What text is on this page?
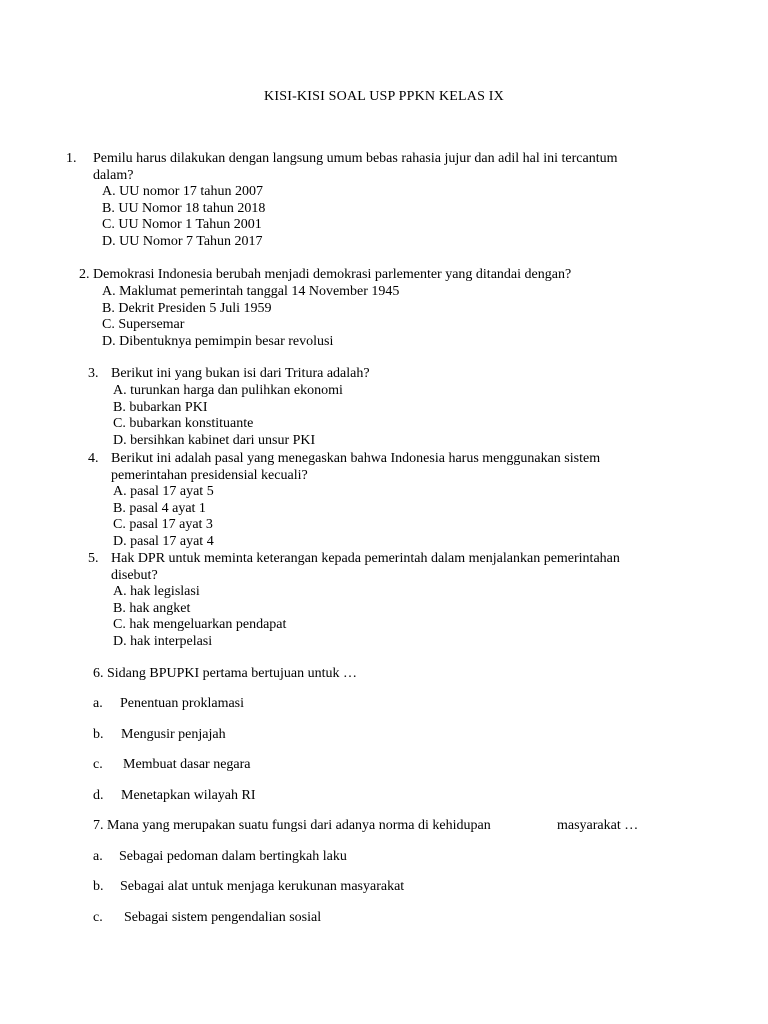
KISI-KISI SOAL USP PPKN KELAS IX
1. Pemilu harus dilakukan dengan langsung umum bebas rahasia jujur dan adil hal ini tercantum
dalam?
A. UU nomor 17 tahun 2007
B. UU Nomor 18 tahun 2018
C. UU Nomor 1 Tahun 2001
D. UU Nomor 7 Tahun 2017
2. Demokrasi Indonesia berubah menjadi demokrasi parlementer yang ditandai dengan?
A. Maklumat pemerintah tanggal 14 November 1945
B. Dekrit Presiden 5 Juli 1959
C. Supersemar
D. Dibentuknya pemimpin besar revolusi
3. Berikut ini yang bukan isi dari Tritura adalah?
A. turunkan harga dan pulihkan ekonomi
B. bubarkan PKI
C. bubarkan konstituante
D. bersihkan kabinet dari unsur PKI
4. Berikut ini adalah pasal yang menegaskan bahwa Indonesia harus menggunakan sistem
pemerintahan presidensial kecuali?
A. pasal 17 ayat 5
B. pasal 4 ayat 1
C. pasal 17 ayat 3
D. pasal 17 ayat 4
5. Hak DPR untuk meminta keterangan kepada pemerintah dalam menjalankan pemerintahan
disebut?
A. hak legislasi
B. hak angket
C. hak mengeluarkan pendapat
D. hak interpelasi
6. Sidang BPUPKI pertama bertujuan untuk …
a. Penentuan proklamasi
b. Mengusir penjajah
c. Membuat dasar negara
d. Menetapkan wilayah RI
7. Mana yang merupakan suatu fungsi dari adanya norma di kehidupan	masyarakat …
a. Sebagai pedoman dalam bertingkah laku
b. Sebagai alat untuk menjaga kerukunan masyarakat
c. Sebagai sistem pengendalian sosial
